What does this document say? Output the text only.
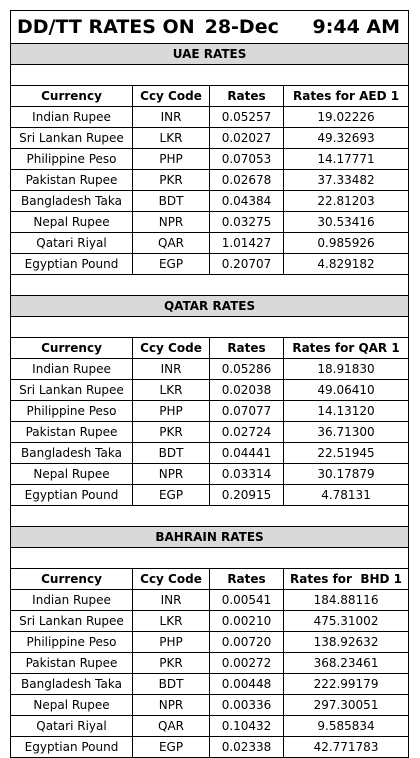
DD/TT RATES ON 28-Dec 9:44 AM			

UAE RATES			

Currency	Ccy Code	Rates	Rates for AED 1
Indian Rupee	INR	0.05257	19.02226
Sri Lankan Rupee	LKR	0.02027	49.32693
Philippine Peso	PHP	0.07053	14.17771
Pakistan Rupee	PKR	0.02678	37.33482
Bangladesh Taka	BDT	0.04384	22.81203
Nepal Rupee	NPR	0.03275	30.53416
Qatari Riyal	QAR	1.01427	0.985926
Egyptian Pound	EGP	0.20707	4.829182

QATAR RATES			

Currency	Ccy Code	Rates	Rates for QAR 1
Indian Rupee	INR	0.05286	18.91830
Sri Lankan Rupee	LKR	0.02038	49.06410
Philippine Peso	PHP	0.07077	14.13120
Pakistan Rupee	PKR	0.02724	36.71300
Bangladesh Taka	BDT	0.04441	22.51945
Nepal Rupee	NPR	0.03314	30.17879
Egyptian Pound	EGP	0.20915	4.78131

BAHRAIN RATES			

Currency	Ccy Code	Rates	Rates for  BHD 1
Indian Rupee	INR	0.00541	184.88116
Sri Lankan Rupee	LKR	0.00210	475.31002
Philippine Peso	PHP	0.00720	138.92632
Pakistan Rupee	PKR	0.00272	368.23461
Bangladesh Taka	BDT	0.00448	222.99179
Nepal Rupee	NPR	0.00336	297.30051
Qatari Riyal	QAR	0.10432	9.585834
Egyptian Pound	EGP	0.02338	42.771783
